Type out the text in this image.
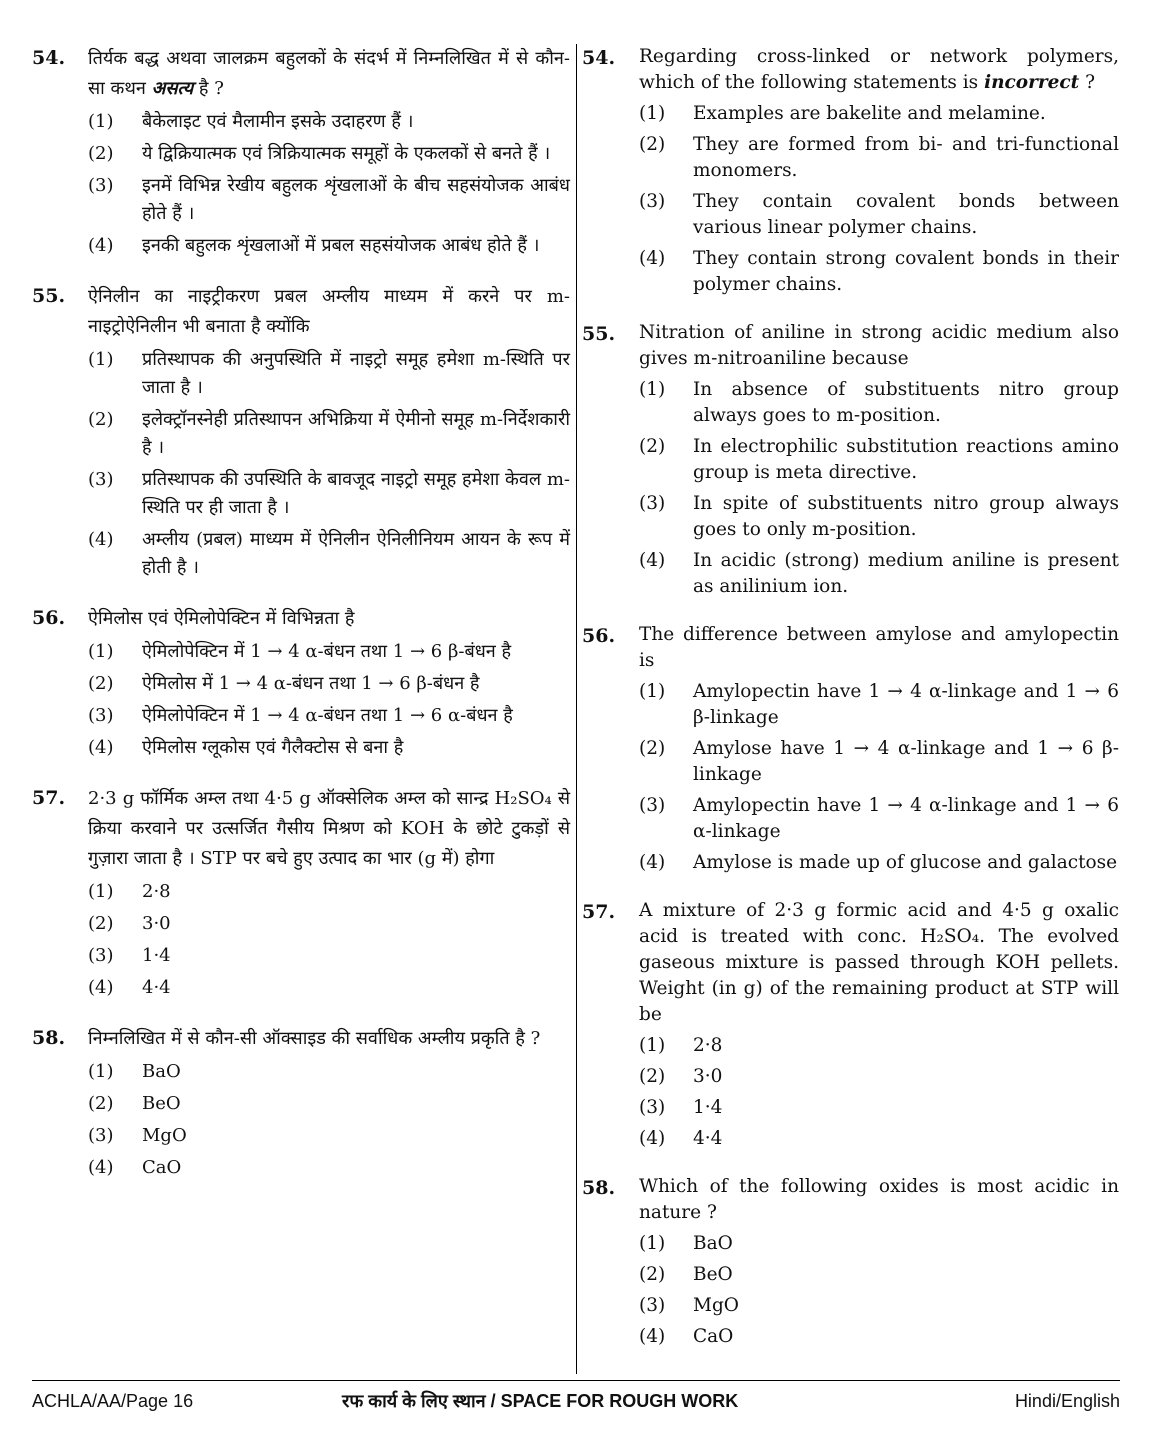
54. तिर्यक बद्ध अथवा जालक्रम बहुलकों के संदर्भ में निम्नलिखित में से कौन-सा कथन असत्य है ?
(1) बैकेलाइट एवं मैलामीन इसके उदाहरण हैं ।
(2) ये द्विक्रियात्मक एवं त्रिक्रियात्मक समूहों के एकलकों से बनते हैं ।
(3) इनमें विभिन्न रेखीय बहुलक शृंखलाओं के बीच सहसंयोजक आबंध होते हैं ।
(4) इनकी बहुलक शृंखलाओं में प्रबल सहसंयोजक आबंध होते हैं ।
55. ऐनिलीन का नाइट्रीकरण प्रबल अम्लीय माध्यम में करने पर m-नाइट्रोऐनिलीन भी बनाता है क्योंकि
(1) प्रतिस्थापक की अनुपस्थिति में नाइट्रो समूह हमेशा m-स्थिति पर जाता है ।
(2) इलेक्ट्रॉनस्नेही प्रतिस्थापन अभिक्रिया में ऐमीनो समूह m-निर्देशकारी है ।
(3) प्रतिस्थापक की उपस्थिति के बावजूद नाइट्रो समूह हमेशा केवल m-स्थिति पर ही जाता है ।
(4) अम्लीय (प्रबल) माध्यम में ऐनिलीन ऐनिलीनियम आयन के रूप में होती है ।
56. ऐमिलोस एवं ऐमिलोपेक्टिन में विभिन्नता है
(1) ऐमिलोपेक्टिन में 1 → 4 α-बंधन तथा 1 → 6 β-बंधन है
(2) ऐमिलोस में 1 → 4 α-बंधन तथा 1 → 6 β-बंधन है
(3) ऐमिलोपेक्टिन में 1 → 4 α-बंधन तथा 1 → 6 α-बंधन है
(4) ऐमिलोस ग्लूकोस एवं गैलैक्टोस से बना है
57. 2·3 g फॉर्मिक अम्ल तथा 4·5 g ऑक्सेलिक अम्ल को सान्द्र H₂SO₄ से क्रिया करवाने पर उत्सर्जित गैसीय मिश्रण को KOH के छोटे टुकड़ों से गुज़ारा जाता है । STP पर बचे हुए उत्पाद का भार (g में) होगा
(1) 2·8
(2) 3·0
(3) 1·4
(4) 4·4
58. निम्नलिखित में से कौन-सी ऑक्साइड की सर्वाधिक अम्लीय प्रकृति है ?
(1) BaO
(2) BeO
(3) MgO
(4) CaO
54. Regarding cross-linked or network polymers, which of the following statements is incorrect ?
(1) Examples are bakelite and melamine.
(2) They are formed from bi- and tri-functional monomers.
(3) They contain covalent bonds between various linear polymer chains.
(4) They contain strong covalent bonds in their polymer chains.
55. Nitration of aniline in strong acidic medium also gives m-nitroaniline because
(1) In absence of substituents nitro group always goes to m-position.
(2) In electrophilic substitution reactions amino group is meta directive.
(3) In spite of substituents nitro group always goes to only m-position.
(4) In acidic (strong) medium aniline is present as anilinium ion.
56. The difference between amylose and amylopectin is
(1) Amylopectin have 1 → 4 α-linkage and 1 → 6 β-linkage
(2) Amylose have 1 → 4 α-linkage and 1 → 6 β-linkage
(3) Amylopectin have 1 → 4 α-linkage and 1 → 6 α-linkage
(4) Amylose is made up of glucose and galactose
57. A mixture of 2·3 g formic acid and 4·5 g oxalic acid is treated with conc. H₂SO₄. The evolved gaseous mixture is passed through KOH pellets. Weight (in g) of the remaining product at STP will be
(1) 2·8
(2) 3·0
(3) 1·4
(4) 4·4
58. Which of the following oxides is most acidic in nature ?
(1) BaO
(2) BeO
(3) MgO
(4) CaO
ACHLA/AA/Page 16	रफ कार्य के लिए स्थान / SPACE FOR ROUGH WORK	Hindi/English
